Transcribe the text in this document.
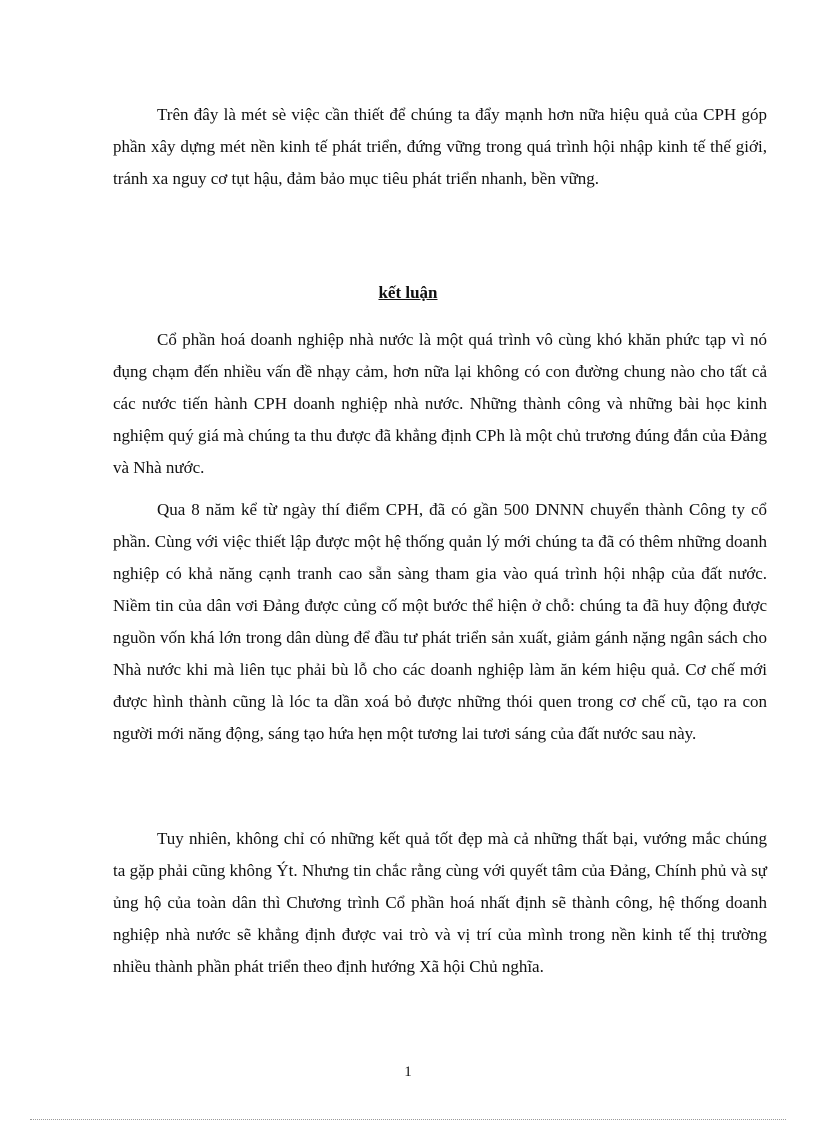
Trên đây là mét sè việc cần thiết để chúng ta đẩy mạnh hơn nữa hiệu quả của CPH góp phần xây dựng mét nền kinh tế phát triển, đứng vững trong quá trình hội nhập kinh tế thế giới, tránh xa nguy cơ tụt hậu, đảm bảo mục tiêu phát triển nhanh, bền vững.

kết luận

Cổ phần hoá doanh nghiệp nhà nước là một quá trình vô cùng khó khăn phức tạp vì nó đụng chạm đến nhiều vấn đề nhạy cảm, hơn nữa lại không có con đường chung nào cho tất cả các nước tiến hành CPH doanh nghiệp nhà nước. Những thành công và những bài học kinh nghiệm quý giá mà chúng ta thu được đã khẳng định CPh là một chủ trương đúng đắn của Đảng và Nhà nước.

Qua 8 năm kể từ ngày thí điểm CPH, đã có gần 500 DNNN chuyển thành Công ty cổ phần. Cùng với việc thiết lập được một hệ thống quản lý mới chúng ta đã có thêm những doanh nghiệp có khả năng cạnh tranh cao sẵn sàng tham gia vào quá trình hội nhập của đất nước. Niềm tin của dân vơi Đảng được củng cố một bước thể hiện ở chỗ: chúng ta đã huy động được nguồn vốn khá lớn trong dân dùng để đầu tư phát triển sản xuất, giảm gánh nặng ngân sách cho Nhà nước khi mà liên tục phải bù lỗ cho các doanh nghiệp làm ăn kém hiệu quả. Cơ chế mới được hình thành cũng là lóc ta dần xoá bỏ được những thói quen trong cơ chế cũ, tạo ra con người mới năng động, sáng tạo hứa hẹn một tương lai tươi sáng của đất nước sau này.

Tuy nhiên, không chỉ có những kết quả tốt đẹp mà cả những thất bại, vướng mắc chúng ta gặp phải cũng không Ýt. Nhưng tin chắc rằng cùng với quyết tâm của Đảng, Chính phủ và sự ủng hộ của toàn dân thì Chương trình Cổ phần hoá nhất định sẽ thành công, hệ thống doanh nghiệp nhà nước sẽ khẳng định được vai trò và vị trí của mình trong nền kinh tế thị trường nhiều thành phần phát triển theo định hướng Xã hội Chủ nghĩa.

1
